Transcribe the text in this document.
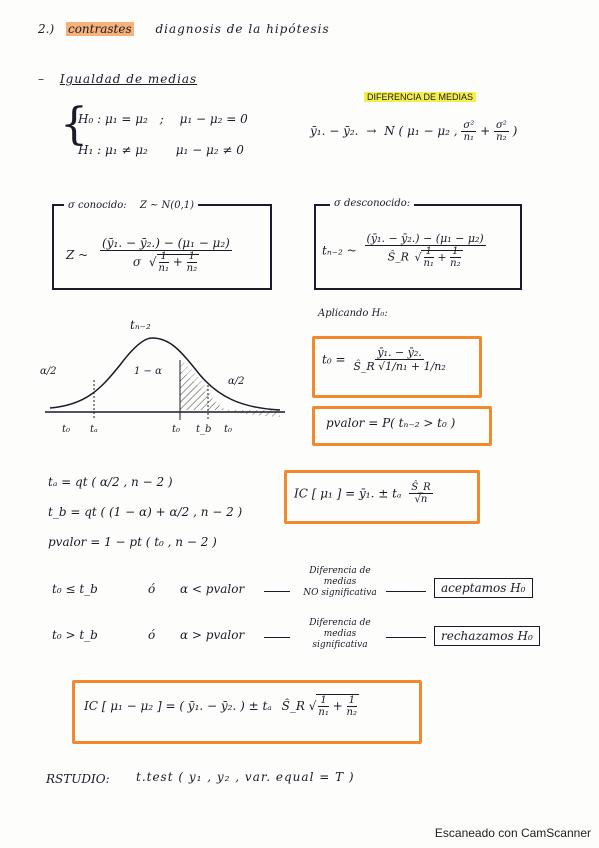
2.) contrastes diagnosis de la hipótesis
– Igualdad de medias
{
H₀ : μ₁ = μ₂ ; μ₁ − μ₂ = 0
H₁ : μ₁ ≠ μ₂ μ₁ − μ₂ ≠ 0
DIFERENCIA DE MEDIAS
ȳ₁. − ȳ₂. → N ( μ₁ − μ₂ , $\frac{\text{σ²}}{\text{n₁}} + \frac{\text{σ²}}{\text{n₂}}$ )
σ conocido: Z ~ N(0,1)
Z ~ $\frac{\text{(ȳ₁. − ȳ₂.) − (μ₁ − μ₂)}}{\sigma √ \frac{1}{\text{n₁}} + \frac{1}{\text{n₂}}}$
σ desconocido:
tₙ₋₂ ~ $\frac{\text{(ȳ₁. − ȳ₂.) − (μ₁ − μ₂)}}{Ŝ\_R √ \frac{1}{\text{n₁}} + \frac{1}{\text{n₂}}}$
tₙ₋₂
α/2	1 − α
α/2
t₀ tₐ	t₀ t_b t₀
Aplicando H₀:
$t_0 = \frac{\text{ȳ₁. − ȳ₂.}}{\text{Ŝ\_R √1/n₁ + 1/n₂}}$
pvalor = P( tₙ₋₂ > t₀ )
tₐ = qt ( α/2 , n − 2 )
t_b = qt ( (1 − α) + α/2 , n − 2 )
pvalor = 1 − pt ( t₀ , n − 2 )
IC [ μ₁ ] = ȳ₁. ± tₐ $\frac{Ŝ\_R}{√n}$
t₀ ≤ t_b	ó α < pvalor
Diferencia de medias
NO significativa	aceptamos H₀
t₀ > t_b	ó α > pvalor
Diferencia de medias
significativa
rechazamos H₀
IC [ μ₁ − μ₂ ] = ( ȳ₁. − ȳ₂. ) ± tₐ Ŝ_R √ $\frac{1}{\text{n₁}} + \frac{1}{\text{n₂}}$
RSTUDIO: t.test ( y₁ , y₂ , var. equal = T )
Escaneado con CamScanner
